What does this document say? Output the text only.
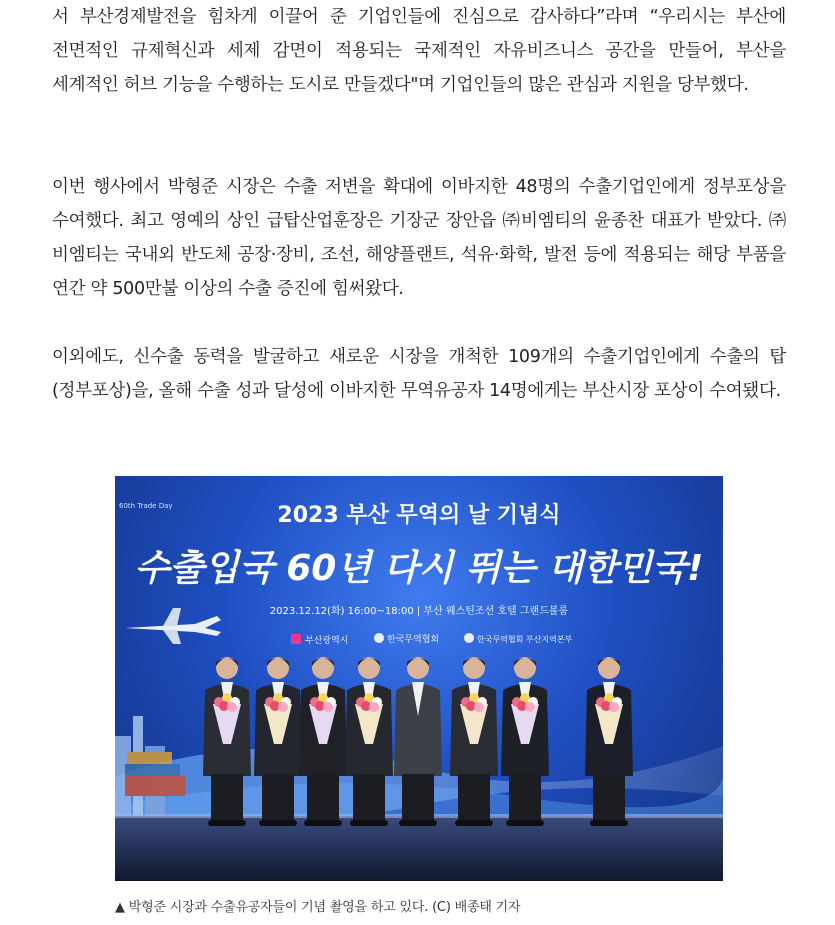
서 부산경제발전을 힘차게 이끌어 준 기업인들에 진심으로 감사하다”라며 “우리시는 부산에 전면적인 규제혁신과 세제 감면이 적용되는 국제적인 자유비즈니스 공간을 만들어, 부산을 세계적인 허브 기능을 수행하는 도시로 만들겠다"며 기업인들의 많은 관심과 지원을 당부했다.

이번 행사에서 박형준 시장은 수출 저변을 확대에 이바지한 48명의 수출기업인에게 정부포상을 수여했다. 최고 영예의 상인 급탑산업훈장은 기장군 장안읍 ㈜비엠티의 윤종찬 대표가 받았다. ㈜비엠티는 국내외 반도체 공장·장비, 조선, 해양플랜트, 석유·화학, 발전 등에 적용되는 해당 부품을 연간 약 500만불 이상의 수출 증진에 힘써왔다.

이외에도, 신수출 동력을 발굴하고 새로운 시장을 개척한 109개의 수출기업인에게 수출의 탑(정부포상)을, 올해 수출 성과 달성에 이바지한 무역유공자 14명에게는 부산시장 포상이 수여됐다.

60th Trade Day	2023 부산 무역의 날 기념식
수출입국 60년 다시 뛰는 대한민국!
2023.12.12(화) 16:00~18:00 | 부산 웨스틴조선 호텔 그랜드볼룸
부산광역시	한국무역협회	한국무역협회 부산지역본부

▲ 박형준 시장과 수출유공자들이 기념 촬영을 하고 있다. (C) 배종태 기자
